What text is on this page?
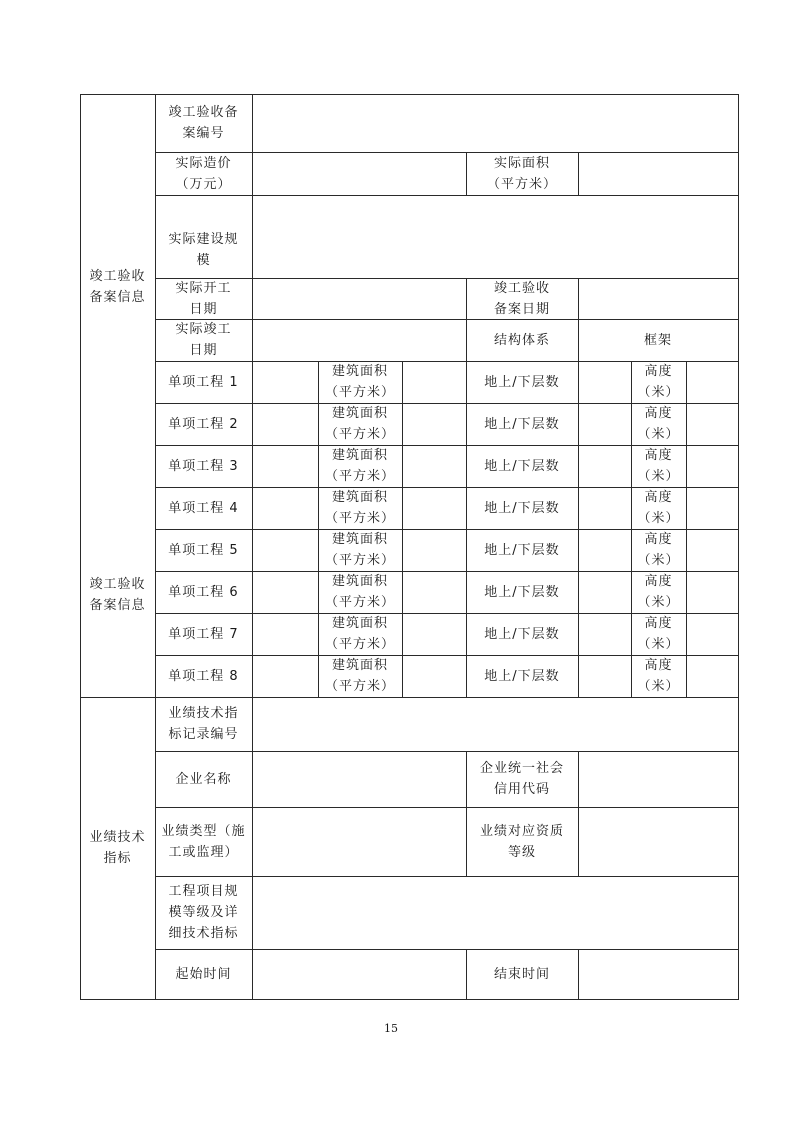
竣工验收
备案信息
竣工验收
备案信息
业绩技术
指标
竣工验收备
案编号
实际造价
（万元）
实际面积
（平方米）
实际建设规
模
实际开工
日期
竣工验收
备案日期
实际竣工
日期
结构体系	框架
单项工程 1
建筑面积
（平方米）
地上/下层数
高度
（米）
单项工程 2
建筑面积
（平方米）
地上/下层数
高度
（米）
单项工程 3
建筑面积
（平方米）
地上/下层数
高度
（米）
单项工程 4
建筑面积
（平方米）
地上/下层数
高度
（米）
单项工程 5
建筑面积
（平方米）
地上/下层数
高度
（米）
单项工程 6
建筑面积
（平方米）
地上/下层数
高度
（米）
单项工程 7
建筑面积
（平方米）
地上/下层数
高度
（米）
单项工程 8
建筑面积
（平方米）
地上/下层数
高度
（米）
业绩技术指
标记录编号
企业名称
企业统一社会
信用代码
业绩类型（施
工或监理）
业绩对应资质
等级
工程项目规
模等级及详
细技术指标
起始时间	结束时间
15
